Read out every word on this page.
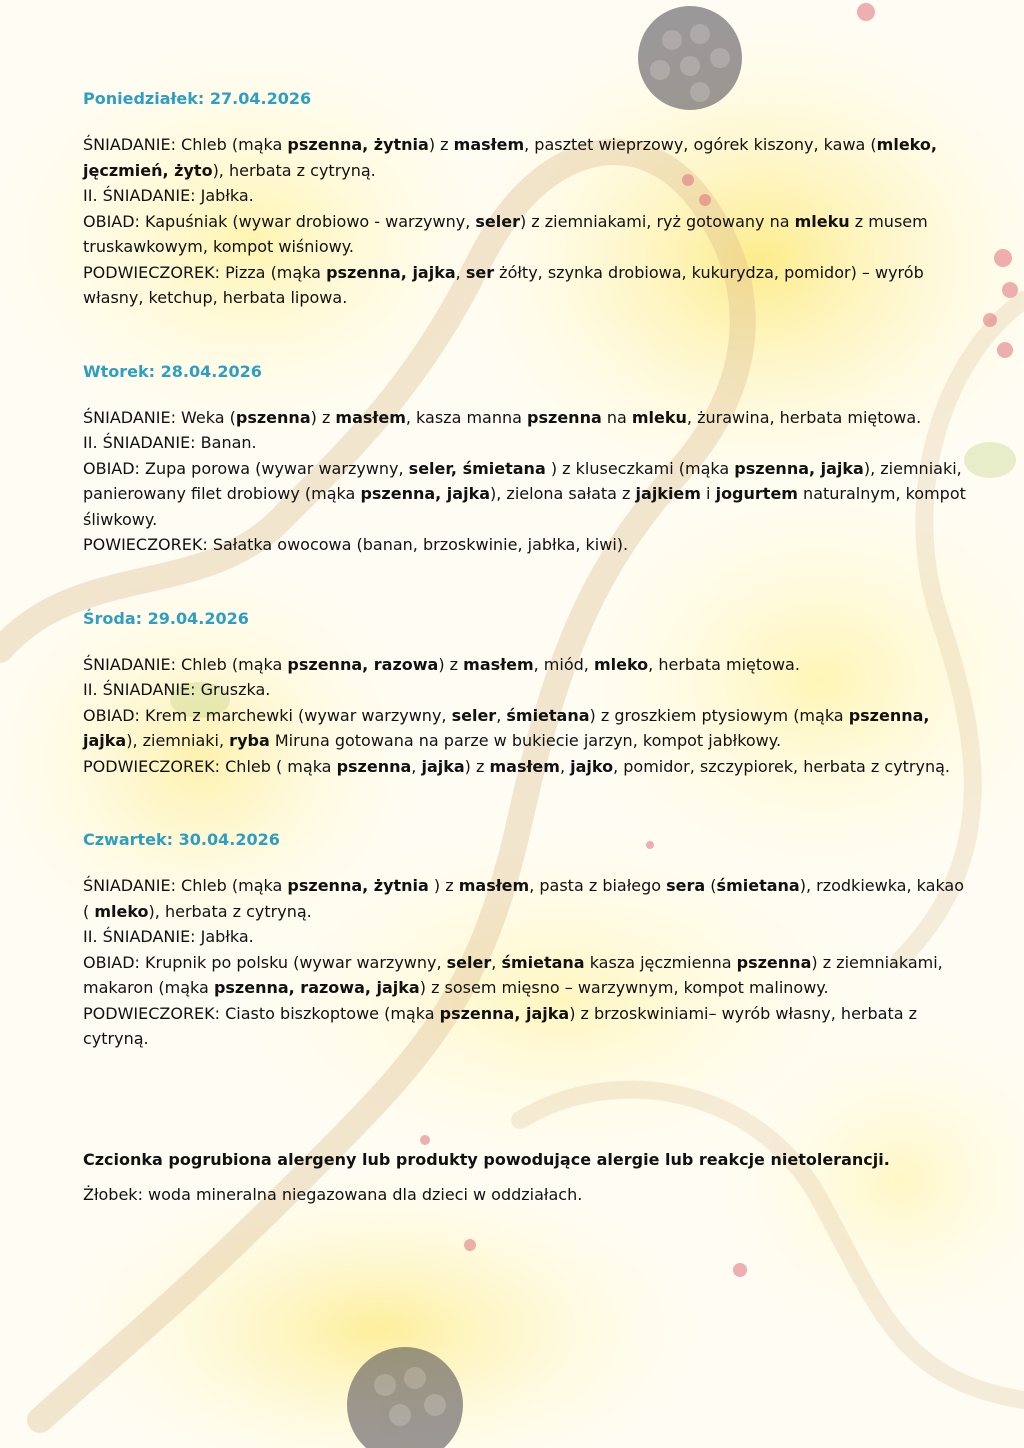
Poniedziałek: 27.04.2026

ŚNIADANIE: Chleb (mąka pszenna, żytnia) z masłem, pasztet wieprzowy, ogórek kiszony, kawa (mleko, jęczmień, żyto), herbata z cytryną.

II. ŚNIADANIE: Jabłka.

OBIAD: Kapuśniak (wywar drobiowo - warzywny, seler) z ziemniakami, ryż gotowany na mleku z musem truskawkowym, kompot wiśniowy.

PODWIECZOREK: Pizza (mąka pszenna, jajka, ser żółty, szynka drobiowa, kukurydza, pomidor) – wyrób własny, ketchup, herbata lipowa.

Wtorek: 28.04.2026

ŚNIADANIE: Weka (pszenna) z masłem, kasza manna pszenna na mleku, żurawina, herbata miętowa.

II. ŚNIADANIE: Banan.

OBIAD: Zupa porowa (wywar warzywny, seler, śmietana ) z kluseczkami (mąka pszenna, jajka), ziemniaki, panierowany filet drobiowy (mąka pszenna, jajka), zielona sałata z jajkiem i jogurtem naturalnym, kompot śliwkowy.

POWIECZOREK: Sałatka owocowa (banan, brzoskwinie, jabłka, kiwi).

Środa: 29.04.2026

ŚNIADANIE: Chleb (mąka pszenna, razowa) z masłem, miód, mleko, herbata miętowa.

II. ŚNIADANIE: Gruszka.

OBIAD: Krem z marchewki (wywar warzywny, seler, śmietana) z groszkiem ptysiowym (mąka pszenna, jajka), ziemniaki, ryba Miruna gotowana na parze w bukiecie jarzyn, kompot jabłkowy.

PODWIECZOREK: Chleb ( mąka pszenna, jajka) z masłem, jajko, pomidor, szczypiorek, herbata z cytryną.

Czwartek: 30.04.2026

ŚNIADANIE: Chleb (mąka pszenna, żytnia ) z masłem, pasta z białego sera (śmietana), rzodkiewka, kakao ( mleko), herbata z cytryną.

II. ŚNIADANIE: Jabłka.

OBIAD: Krupnik po polsku (wywar warzywny, seler, śmietana kasza jęczmienna pszenna) z ziemniakami, makaron (mąka pszenna, razowa, jajka) z sosem mięsno – warzywnym, kompot malinowy.

PODWIECZOREK: Ciasto biszkoptowe (mąka pszenna, jajka) z brzoskwiniami– wyrób własny, herbata z cytryną.

Czcionka pogrubiona alergeny lub produkty powodujące alergie lub reakcje nietolerancji.

Żłobek: woda mineralna niegazowana dla dzieci w oddziałach.
